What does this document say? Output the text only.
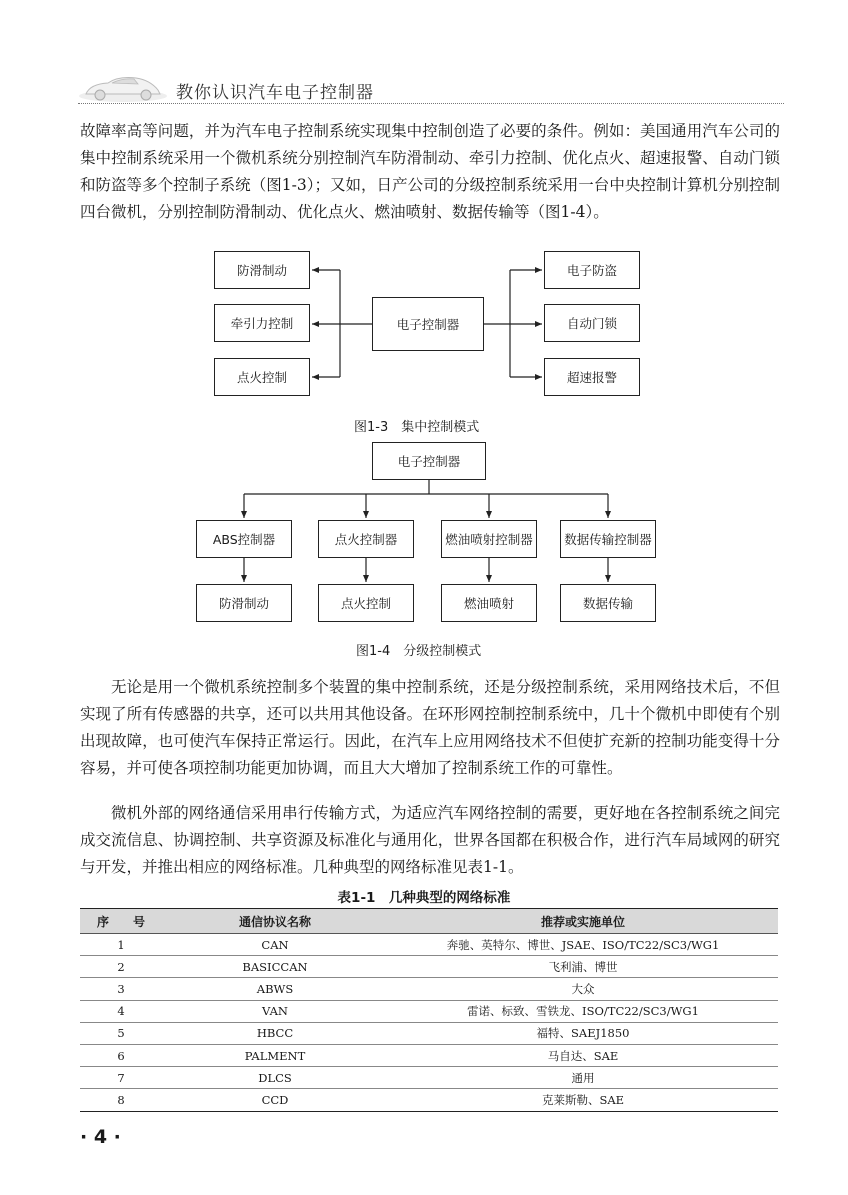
教你认识汽车电子控制器

故障率高等问题，并为汽车电子控制系统实现集中控制创造了必要的条件。例如：美国通用汽车公司的集中控制系统采用一个微机系统分别控制汽车防滑制动、牵引力控制、优化点火、超速报警、自动门锁和防盗等多个控制子系统（图1-3）；又如，日产公司的分级控制系统采用一台中央控制计算机分别控制四台微机，分别控制防滑制动、优化点火、燃油喷射、数据传输等（图1-4）。

防滑制动
牵引力控制
点火控制
电子控制器
电子防盗
自动门锁
超速报警
图1-3　集中控制模式
电子控制器
ABS控制器	点火控制器	燃油喷射控制器	数据传输控制器
防滑制动	点火控制	燃油喷射	数据传输
图1-4　分级控制模式

无论是用一个微机系统控制多个装置的集中控制系统，还是分级控制系统，采用网络技术后，不但实现了所有传感器的共享，还可以共用其他设备。在环形网控制控制系统中，几十个微机中即使有个别出现故障，也可使汽车保持正常运行。因此，在汽车上应用网络技术不但使扩充新的控制功能变得十分容易，并可使各项控制功能更加协调，而且大大增加了控制系统工作的可靠性。

微机外部的网络通信采用串行传输方式，为适应汽车网络控制的需要，更好地在各控制系统之间完成交流信息、协调控制、共享资源及标准化与通用化，世界各国都在积极合作，进行汽车局域网的研究与开发，并推出相应的网络标准。几种典型的网络标准见表1-1。

表1-1　几种典型的网络标准
序　　号	通信协议名称	推荐或实施单位
1	CAN	奔驰、英特尔、博世、JSAE、ISO/TC22/SC3/WG1
2	BASICCAN	飞利浦、博世
3	ABWS	大众
4	VAN	雷诺、标致、雪铁龙、ISO/TC22/SC3/WG1
5	HBCC	福特、SAEJ1850
6	PALMENT	马自达、SAE
7	DLCS	通用
8	CCD	克莱斯勒、SAE
· 4 ·
